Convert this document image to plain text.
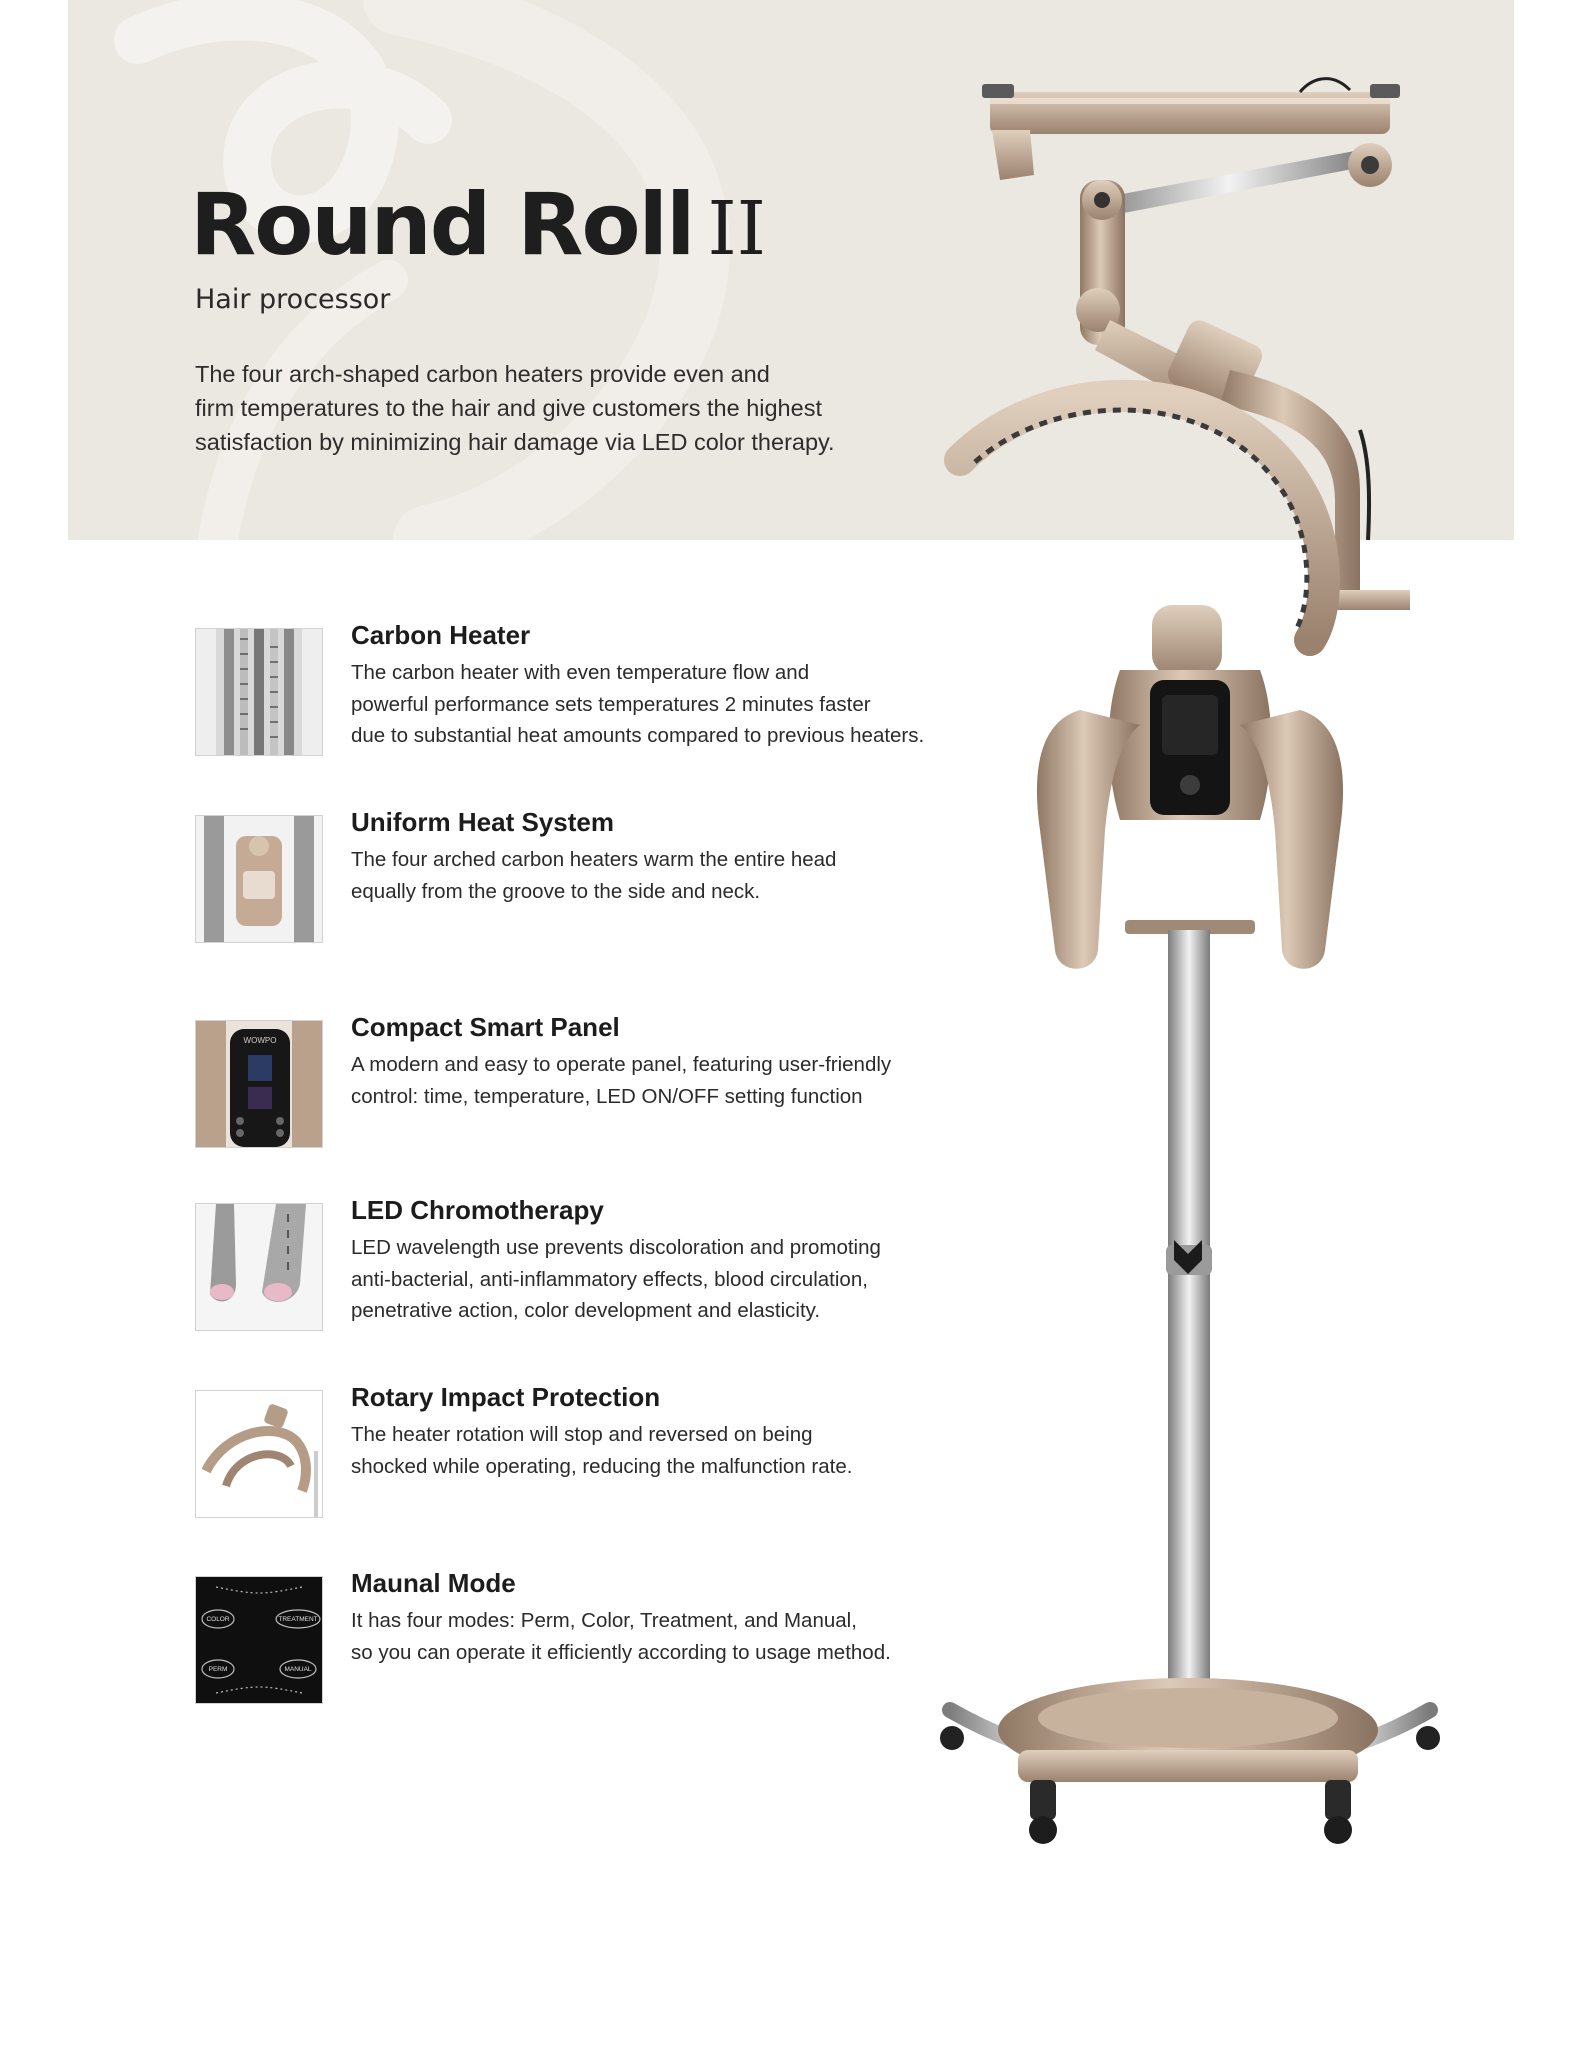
Round Roll II
Hair processor
The four arch-shaped carbon heaters provide even and
firm temperatures to the hair and give customers the highest
satisfaction by minimizing hair damage via LED color therapy.
Carbon Heater
The carbon heater with even temperature flow and
powerful performance sets temperatures 2 minutes faster
due to substantial heat amounts compared to previous heaters.
Uniform Heat System
The four arched carbon heaters warm the entire head
equally from the groove to the side and neck.
WOWPO	Compact Smart Panel
A modern and easy to operate panel, featuring user-friendly
control: time, temperature, LED ON/OFF setting function
LED Chromotherapy
LED wavelength use prevents discoloration and promoting
anti-bacterial, anti-inflammatory effects, blood circulation,
penetrative action, color development and elasticity.
Rotary Impact Protection
The heater rotation will stop and reversed on being
shocked while operating, reducing the malfunction rate.
COLOR	TREATMENT
PERM	MANUAL
Maunal Mode
It has four modes: Perm, Color, Treatment, and Manual,
so you can operate it efficiently according to usage method.
